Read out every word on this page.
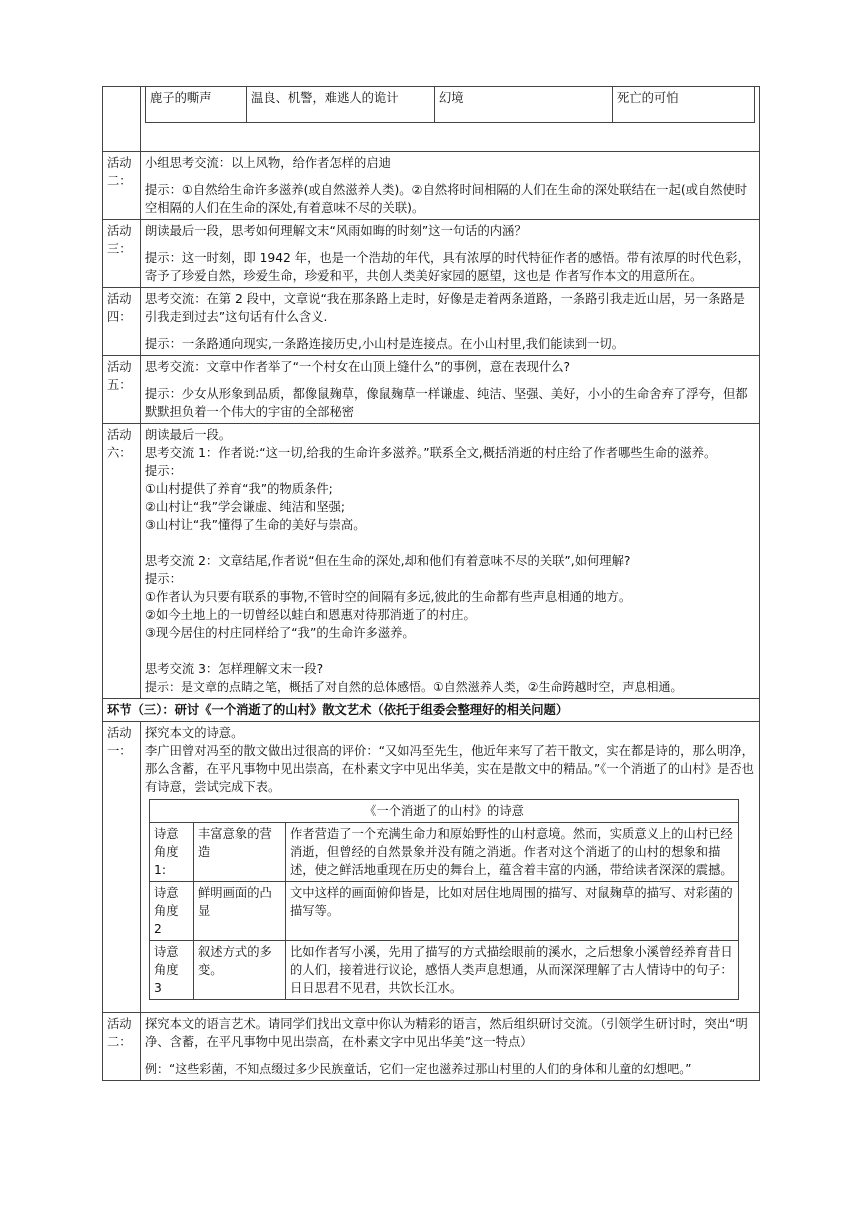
鹿子的嘶声	温良、机警，难逃人的诡计	幻境	死亡的可怕

活动二：	

小组思考交流：以上风物，给作者怎样的启迪

提示：①自然给生命许多滋养(或自然滋养人类)。②自然将时间相隔的人们在生命的深处联结在一起(或自然使时空相隔的人们在生命的深处,有着意味不尽的关联)。

活动三：	

朗读最后一段，思考如何理解文末“风雨如晦的时刻”这一句话的内涵？

提示：这一时刻，即 1942 年，也是一个浩劫的年代，具有浓厚的时代特征作者的感悟。带有浓厚的时代色彩，寄予了珍爱自然，珍爱生命，珍爱和平，共创人类美好家园的愿望，这也是 作者写作本文的用意所在。

活动四：	

思考交流：在第 2 段中，文章说“我在那条路上走时，好像是走着两条道路，一条路引我走近山居，另一条路是引我走到过去”这句话有什么含义.

提示：一条路通向现实,一条路连接历史,小山村是连接点。在小山村里,我们能读到一切。

活动五：	

思考交流：文章中作者举了“一个村女在山顶上缝什么”的事例，意在表现什么?

提示：少女从形象到品质，都像鼠麹草，像鼠麹草一样谦虚、纯洁、坚强、美好，小小的生命舍弃了浮夸，但都默默担负着一个伟大的宇宙的全部秘密

活动六：	

朗读最后一段。

思考交流 1：作者说:“这一切,给我的生命许多滋养。”联系全文,概括消逝的村庄给了作者哪些生命的滋养。

提示：

①山村提供了养育“我”的物质条件;

②山村让“我”学会谦虚、纯洁和坚强;

③山村让“我”懂得了生命的美好与崇高。

思考交流 2：文章结尾,作者说“但在生命的深处,却和他们有着意味不尽的关联”,如何理解?

提示：

①作者认为只要有联系的事物,不管时空的间隔有多远,彼此的生命都有些声息相通的地方。

②如今土地上的一切曾经以蛙白和恩惠对待那消逝了的村庄。

③现今居住的村庄同样给了“我”的生命许多滋养。

思考交流 3：怎样理解文末一段?

提示：是文章的点睛之笔，概括了对自然的总体感悟。①自然滋养人类，②生命跨越时空，声息相通。

环节（三）：研讨《一个消逝了的山村》散文艺术（依托于组委会整理好的相关问题）
活动一：	

探究本文的诗意。

李广田曾对冯至的散文做出过很高的评价：“又如冯至先生，他近年来写了若干散文，实在都是诗的，那么明净，那么含蓄，在平凡事物中见出崇高，在朴素文字中见出华美，实在是散文中的精品。”《一个消逝了的山村》是否也有诗意，尝试完成下表。

《一个消逝了的山村》的诗意
诗意角度 1:	丰富意象的营造	作者营造了一个充满生命力和原始野性的山村意境。然而，实质意义上的山村已经消逝，但曾经的自然景象并没有随之消逝。作者对这个消逝了的山村的想象和描述，使之鲜活地重现在历史的舞台上，蕴含着丰富的内涵，带给读者深深的震撼。
诗意角度 2	鲜明画面的凸显	文中这样的画面俯仰皆是，比如对居住地周围的描写、对鼠麹草的描写、对彩菌的描写等。
诗意角度 3	叙述方式的多变。	比如作者写小溪，先用了描写的方式描绘眼前的溪水，之后想象小溪曾经养育昔日的人们，接着进行议论，感悟人类声息想通，从而深深理解了古人情诗中的句子：日日思君不见君，共饮长江水。

活动二：	

探究本文的语言艺术。请同学们找出文章中你认为精彩的语言，然后组织研讨交流。（引领学生研讨时，突出“明净、含蓄，在平凡事物中见出崇高，在朴素文字中见出华美”这一特点）

例：“这些彩菌，不知点缀过多少民族童话，它们一定也滋养过那山村里的人们的身体和儿童的幻想吧。”
